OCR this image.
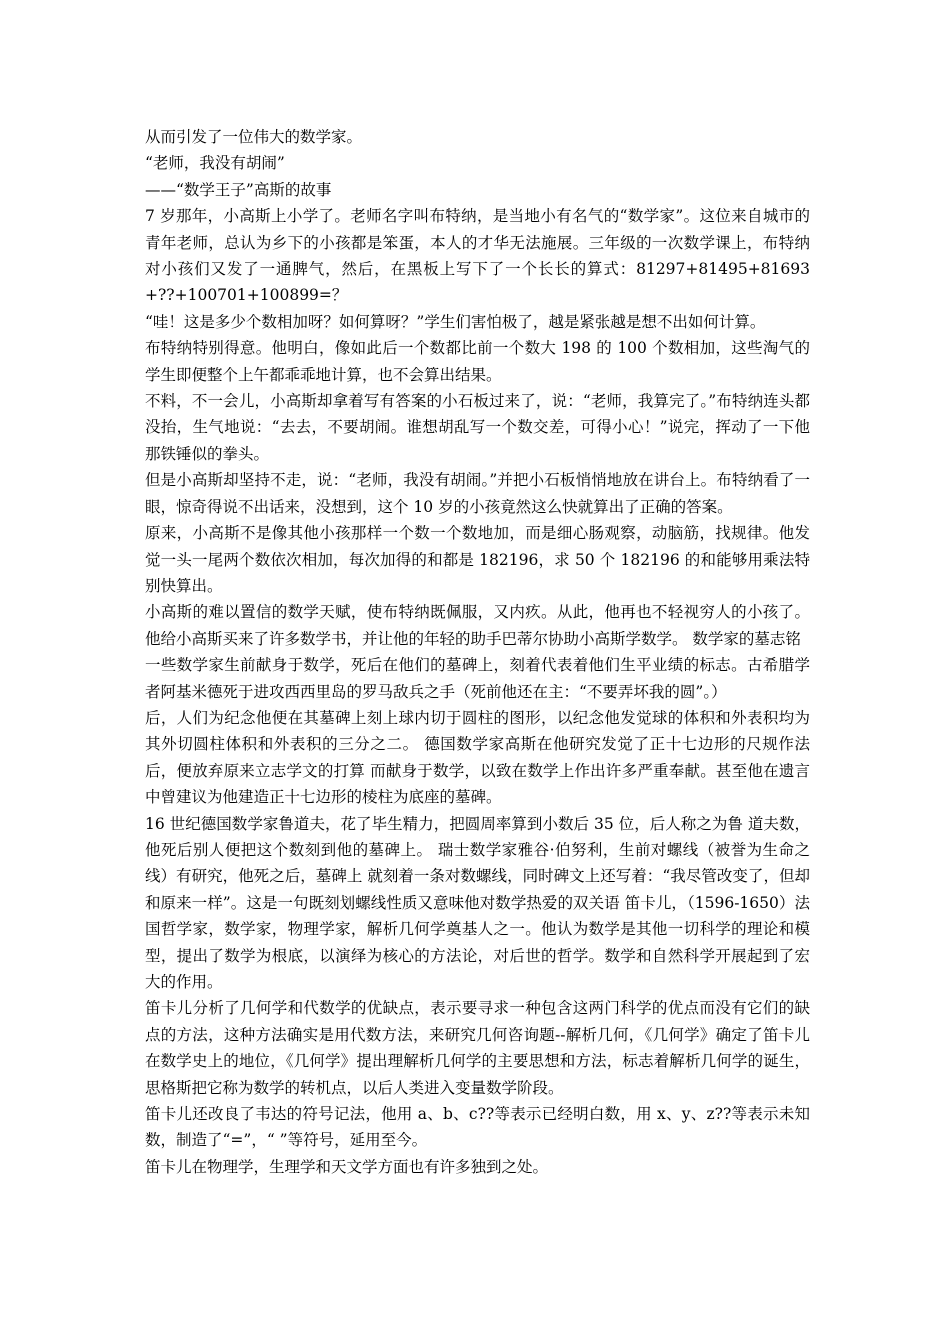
从而引发了一位伟大的数学家。

“老师，我没有胡闹”

——“数学王子”高斯的故事

7 岁那年，小高斯上小学了。老师名字叫布特纳，是当地小有名气的“数学家”。这位来自城市的青年老师，总认为乡下的小孩都是笨蛋，本人的才华无法施展。三年级的一次数学课上，布特纳对小孩们又发了一通脾气，然后，在黑板上写下了一个长长的算式：81297+81495+81693+??+100701+100899=？

“哇！这是多少个数相加呀？如何算呀？”学生们害怕极了，越是紧张越是想不出如何计算。

布特纳特别得意。他明白，像如此后一个数都比前一个数大 198 的 100 个数相加，这些淘气的学生即便整个上午都乖乖地计算，也不会算出结果。

不料，不一会儿，小高斯却拿着写有答案的小石板过来了，说：“老师，我算完了。”布特纳连头都没抬，生气地说：“去去，不要胡闹。谁想胡乱写一个数交差，可得小心！”说完，挥动了一下他那铁锤似的拳头。

但是小高斯却坚持不走，说：“老师，我没有胡闹。”并把小石板悄悄地放在讲台上。布特纳看了一眼，惊奇得说不出话来，没想到，这个 10 岁的小孩竟然这么快就算出了正确的答案。

原来，小高斯不是像其他小孩那样一个数一个数地加，而是细心肠观察，动脑筋，找规律。他发觉一头一尾两个数依次相加，每次加得的和都是 182196，求 50 个 182196 的和能够用乘法特别快算出。

小高斯的难以置信的数学天赋，使布特纳既佩服，又内疚。从此，他再也不轻视穷人的小孩了。他给小高斯买来了许多数学书，并让他的年轻的助手巴蒂尔协助小高斯学数学。 数学家的墓志铭

一些数学家生前献身于数学，死后在他们的墓碑上，刻着代表着他们生平业绩的标志。古希腊学者阿基米德死于进攻西西里岛的罗马敌兵之手（死前他还在主：“不要弄坏我的圆”。）

后，人们为纪念他便在其墓碑上刻上球内切于圆柱的图形，以纪念他发觉球的体积和外表积均为其外切圆柱体积和外表积的三分之二。 德国数学家高斯在他研究发觉了正十七边形的尺规作法后，便放弃原来立志学文的打算 而献身于数学，以致在数学上作出许多严重奉献。甚至他在遗言中曾建议为他建造正十七边形的棱柱为底座的墓碑。

16 世纪德国数学家鲁道夫，花了毕生精力，把圆周率算到小数后 35 位，后人称之为鲁 道夫数，他死后别人便把这个数刻到他的墓碑上。 瑞士数学家雅谷·伯努利，生前对螺线（被誉为生命之线）有研究，他死之后，墓碑上 就刻着一条对数螺线，同时碑文上还写着：“我尽管改变了，但却和原来一样”。这是一句既刻划螺线性质又意味他对数学热爱的双关语 笛卡儿，（1596-1650）法国哲学家，数学家，物理学家，解析几何学奠基人之一。他认为数学是其他一切科学的理论和模型，提出了数学为根底，以演绎为核心的方法论，对后世的哲学。数学和自然科学开展起到了宏大的作用。

笛卡儿分析了几何学和代数学的优缺点，表示要寻求一种包含这两门科学的优点而没有它们的缺点的方法，这种方法确实是用代数方法，来研究几何咨询题--解析几何，《几何学》确定了笛卡儿在数学史上的地位，《几何学》提出理解析几何学的主要思想和方法，标志着解析几何学的诞生，思格斯把它称为数学的转机点，以后人类进入变量数学阶段。

笛卡儿还改良了韦达的符号记法，他用 a、b、c??等表示已经明白数，用 x、y、z??等表示未知数，制造了“=”，“ ”等符号，延用至今。

笛卡儿在物理学，生理学和天文学方面也有许多独到之处。
